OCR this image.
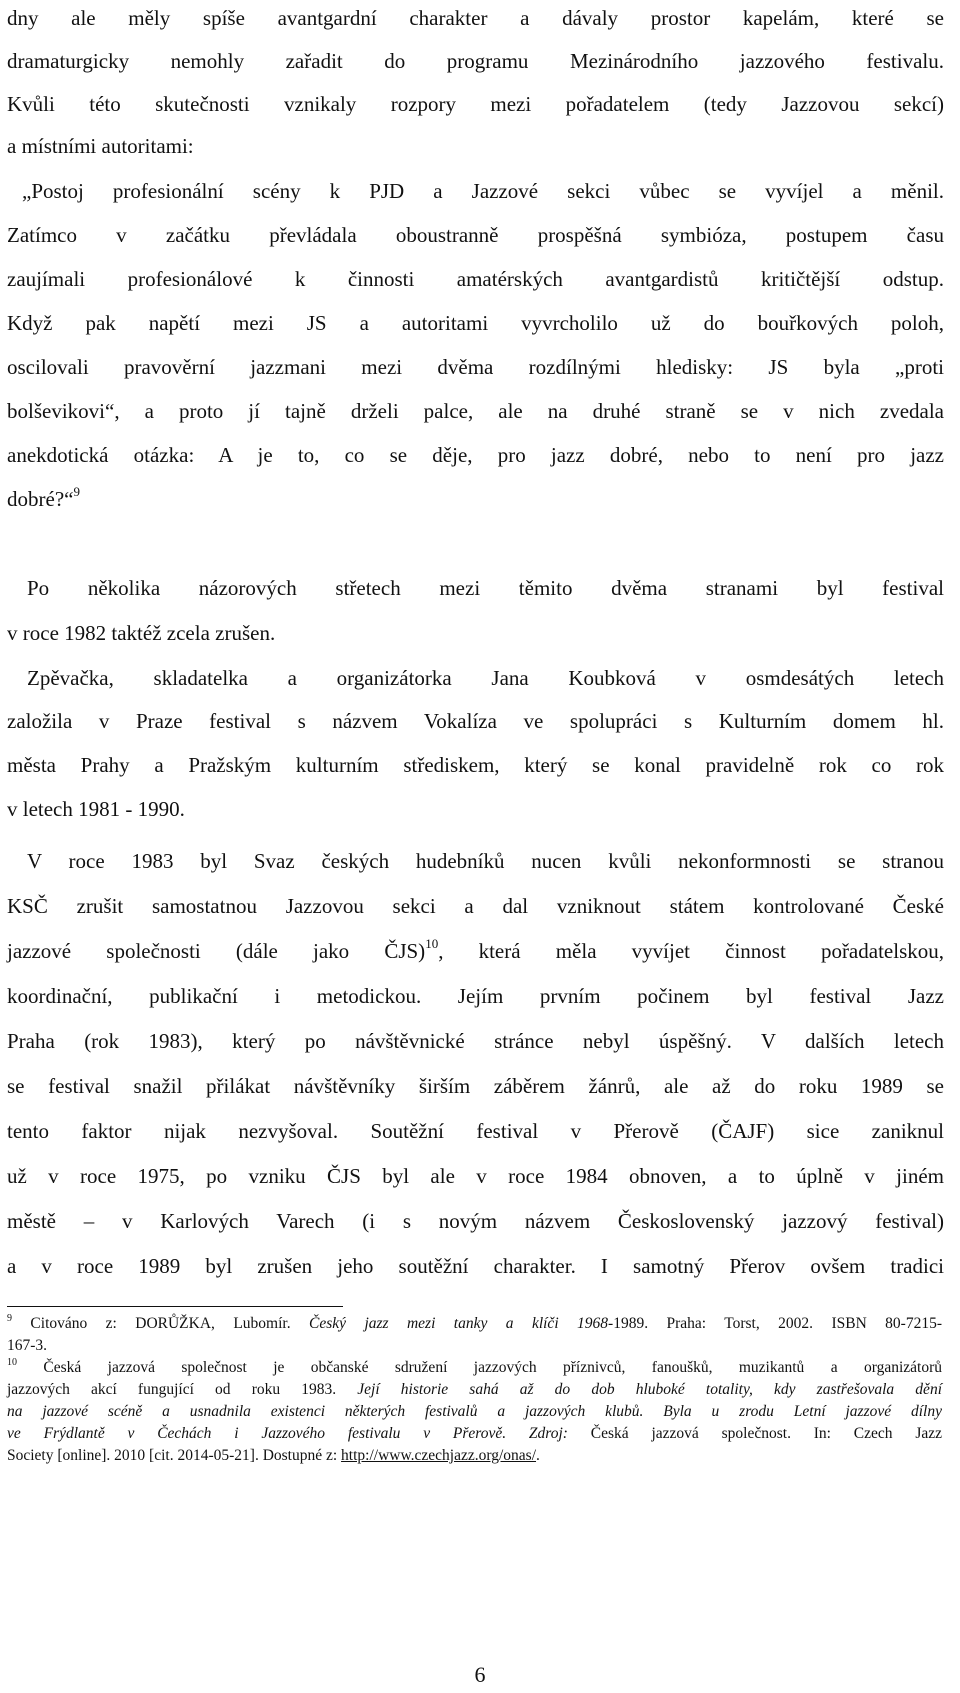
dny ale měly spíše avantgardní charakter a dávaly prostor kapelám, které se
dramaturgicky nemohly zařadit do programu Mezinárodního jazzového festivalu.
Kvůli této skutečnosti vznikaly rozpory mezi pořadatelem (tedy Jazzovou sekcí)
a místními autoritami:
„Postoj profesionální scény k PJD a Jazzové sekci vůbec se vyvíjel a měnil.
Zatímco v začátku převládala oboustranně prospěšná symbióza, postupem času
zaujímali profesionálové k činnosti amatérských avantgardistů kritičtější odstup.
Když pak napětí mezi JS a autoritami vyvrcholilo už do bouřkových poloh,
oscilovali pravověrní jazzmani mezi dvěma rozdílnými hledisky: JS byla „proti
bolševikovi“, a proto jí tajně drželi palce, ale na druhé straně se v nich zvedala
anekdotická otázka: A je to, co se děje, pro jazz dobré, nebo to není pro jazz
dobré?“$^9$
Po několika názorových střetech mezi těmito dvěma stranami byl festival
v roce 1982 taktéž zcela zrušen.
Zpěvačka, skladatelka a organizátorka Jana Koubková v osmdesátých letech
založila v Praze festival s názvem Vokalíza ve spolupráci s Kulturním domem hl.
města Prahy a Pražským kulturním střediskem, který se konal pravidelně rok co rok
v letech 1981 - 1990.
V roce 1983 byl Svaz českých hudebníků nucen kvůli nekonformnosti se stranou
KSČ zrušit samostatnou Jazzovou sekci a dal vzniknout státem kontrolované České
jazzové společnosti (dále jako ČJS)$^{10}$, která měla vyvíjet činnost pořadatelskou,
koordinační, publikační i metodickou. Jejím prvním počinem byl festival Jazz
Praha (rok 1983), který po návštěvnické stránce nebyl úspěšný. V dalších letech
se festival snažil přilákat návštěvníky širším záběrem žánrů, ale až do roku 1989 se
tento faktor nijak nezvyšoval. Soutěžní festival v Přerově (ČAJF) sice zaniknul
už v roce 1975, po vzniku ČJS byl ale v roce 1984 obnoven, a to úplně v jiném
městě – v Karlových Varech (i s novým názvem Československý jazzový festival)
a v roce 1989 byl zrušen jeho soutěžní charakter. I samotný Přerov ovšem tradici
$^9$ Citováno z: DORŮŽKA, Lubomír. Český jazz mezi tanky a klíči 1968-1989. Praha: Torst, 2002. ISBN 80-7215-
167-3.
$^{10}$ Česká jazzová společnost je občanské sdružení jazzových příznivců, fanoušků, muzikantů a organizátorů
jazzových akcí fungující od roku 1983. Její historie sahá až do dob hluboké totality, kdy zastřešovala dění
na jazzové scéně a usnadnila existenci některých festivalů a jazzových klubů. Byla u zrodu Letní jazzové dílny
ve Frýdlantě v Čechách i Jazzového festivalu v Přerově. Zdroj: Česká jazzová společnost. In: Czech Jazz
Society [online]. 2010 [cit. 2014-05-21]. Dostupné z: http://www.czechjazz.org/onas/.
6
